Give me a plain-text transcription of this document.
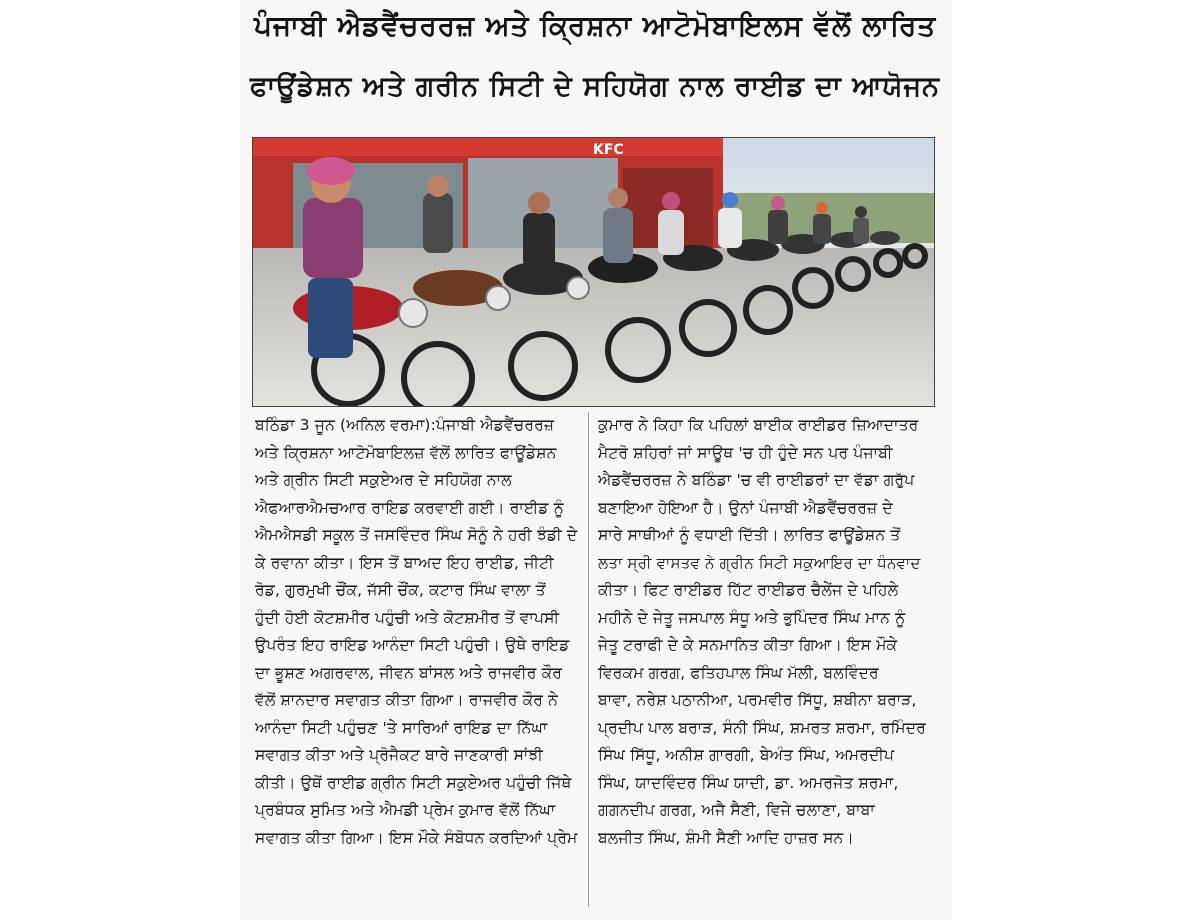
ਪੰਜਾਬੀ ਐਡਵੈਂਚਰਰਜ਼ ਅਤੇ ਕ੍ਰਿਸ਼ਨਾ ਆਟੋਮੋਬਾਇਲਸ ਵੱਲੋਂ ਲਾਰਿਤ
ਫਾਊਂਡੇਸ਼ਨ ਅਤੇ ਗਰੀਨ ਸਿਟੀ ਦੇ ਸਹਿਯੋਗ ਨਾਲ ਰਾਈਡ ਦਾ ਆਯੋਜਨ
KFC
ਬਠਿੰਡਾ 3 ਜੂਨ (ਅਨਿਲ ਵਰਮਾ):ਪੰਜਾਬੀ ਐਡਵੈਂਚਰਰਜ਼
ਅਤੇ ਕ੍ਰਿਸ਼ਨਾ ਆਟੋਮੋਬਾਇਲਜ਼ ਵੱਲੋਂ ਲਾਰਿਤ ਫਾਊਂਡੇਸ਼ਨ
ਅਤੇ ਗ੍ਰੀਨ ਸਿਟੀ ਸਕੁਏਅਰ ਦੇ ਸਹਿਯੋਗ ਨਾਲ
ਐਫਆਰਐਮਚਆਰ ਰਾਇਡ ਕਰਵਾਈ ਗਈ। ਰਾਈਡ ਨੂੰ
ਐਮਐਸਡੀ ਸਕੂਲ ਤੋਂ ਜਸਵਿੰਦਰ ਸਿੰਘ ਸੋਨੂੰ ਨੇ ਹਰੀ ਝੰਡੀ ਦੇ
ਕੇ ਰਵਾਨਾ ਕੀਤਾ। ਇਸ ਤੋਂ ਬਾਅਦ ਇਹ ਰਾਈਡ, ਜੀਟੀ
ਰੋਡ, ਗੁਰਮੁਖੀ ਚੌਂਕ, ਜੱਸੀ ਚੌਂਕ, ਕਟਾਰ ਸਿੰਘ ਵਾਲਾ ਤੋਂ
ਹੁੰਦੀ ਹੋਈ ਕੋਟਸ਼ਮੀਰ ਪਹੁੰਚੀ ਅਤੇ ਕੋਟਸ਼ਮੀਰ ਤੋਂ ਵਾਪਸੀ
ਉਪਰੰਤ ਇਹ ਰਾਇਡ ਆਨੰਦਾ ਸਿਟੀ ਪਹੁੰਚੀ। ਉਥੇ ਰਾਇਡ
ਦਾ ਭੂਸ਼ਣ ਅਗਰਵਾਲ, ਜੀਵਨ ਬਾਂਸਲ ਅਤੇ ਰਾਜਵੀਰ ਕੌਰ
ਵੱਲੋਂ ਸ਼ਾਨਦਾਰ ਸਵਾਗਤ ਕੀਤਾ ਗਿਆ। ਰਾਜਵੀਰ ਕੌਰ ਨੇ
ਆਨੰਦਾ ਸਿਟੀ ਪਹੁੰਚਣ 'ਤੇ ਸਾਰਿਆਂ ਰਾਇਡ ਦਾ ਨਿੱਘਾ
ਸਵਾਗਤ ਕੀਤਾ ਅਤੇ ਪ੍ਰੋਜੈਕਟ ਬਾਰੇ ਜਾਣਕਾਰੀ ਸਾਂਝੀ
ਕੀਤੀ। ਉਥੋਂ ਰਾਈਡ ਗ੍ਰੀਨ ਸਿਟੀ ਸਕੁਏਅਰ ਪਹੁੰਚੀ ਜਿੱਥੇ
ਪ੍ਰਬੰਧਕ ਸੁਮਿਤ ਅਤੇ ਐਮਡੀ ਪ੍ਰੇਮ ਕੁਮਾਰ ਵੱਲੋਂ ਨਿੱਘਾ
ਸਵਾਗਤ ਕੀਤਾ ਗਿਆ। ਇਸ ਮੌਕੇ ਸੰਬੋਧਨ ਕਰਦਿਆਂ ਪ੍ਰੇਮ
ਕੁਮਾਰ ਨੇ ਕਿਹਾ ਕਿ ਪਹਿਲਾਂ ਬਾਈਕ ਰਾਈਡਰ ਜ਼ਿਆਦਾਤਰ
ਮੈਟਰੋ ਸ਼ਹਿਰਾਂ ਜਾਂ ਸਾਊਥ 'ਚ ਹੀ ਹੁੰਦੇ ਸਨ ਪਰ ਪੰਜਾਬੀ
ਐਡਵੈਂਚਰਰਜ਼ ਨੇ ਬਠਿੰਡਾ 'ਚ ਵੀ ਰਾਈਡਰਾਂ ਦਾ ਵੱਡਾ ਗਰੁੱਪ
ਬਣਾਇਆ ਹੋਇਆ ਹੈ। ਉਨਾਂ ਪੰਜਾਬੀ ਐਡਵੈਂਚਰਰਜ਼ ਦੇ
ਸਾਰੇ ਸਾਥੀਆਂ ਨੂੰ ਵਧਾਈ ਦਿੱਤੀ। ਲਾਰਿਤ ਫਾਊਂਡੇਸ਼ਨ ਤੋਂ
ਲਤਾ ਸ੍ਰੀ ਵਾਸਤਵ ਨੇ ਗ੍ਰੀਨ ਸਿਟੀ ਸਕੁਆਇਰ ਦਾ ਧੰਨਵਾਦ
ਕੀਤਾ। ਫਿਟ ਰਾਈਡਰ ਹਿੱਟ ਰਾਈਡਰ ਚੈਲੇਂਜ ਦੇ ਪਹਿਲੇ
ਮਹੀਨੇ ਦੇ ਜੇਤੂ ਜਸਪਾਲ ਸੰਧੂ ਅਤੇ ਭੁਪਿੰਦਰ ਸਿੰਘ ਮਾਨ ਨੂੰ
ਜੇਤੂ ਟਰਾਫੀ ਦੇ ਕੇ ਸਨਮਾਨਿਤ ਕੀਤਾ ਗਿਆ। ਇਸ ਮੌਕੇ
ਵਿਰਕਮ ਗਰਗ, ਫਤਿਹਪਾਲ ਸਿੰਘ ਮੱਲੀ, ਬਲਵਿੰਦਰ
ਬਾਵਾ, ਨਰੇਸ਼ ਪਠਾਨੀਆ, ਪਰਮਵੀਰ ਸਿੱਧੂ, ਸ਼ਬੀਨਾ ਬਰਾੜ,
ਪ੍ਰਦੀਪ ਪਾਲ ਬਰਾੜ, ਸੰਨੀ ਸਿੰਘ, ਸ਼ਮਰਤ ਸ਼ਰਮਾ, ਰਮਿੰਦਰ
ਸਿੰਘ ਸਿੱਧੂ, ਅਨੀਸ਼ ਗਾਰਗੀ, ਬੇਅੰਤ ਸਿੰਘ, ਅਮਰਦੀਪ
ਸਿੰਘ, ਯਾਦਵਿੰਦਰ ਸਿੰਘ ਯਾਦੀ, ਡਾ. ਅਮਰਜੋਤ ਸ਼ਰਮਾ,
ਗਗਨਦੀਪ ਗਰਗ, ਅਜੈ ਸੈਣੀ, ਵਿਜੇ ਚਲਾਣਾ, ਬਾਬਾ
ਬਲਜੀਤ ਸਿੰਘ, ਸ਼ੰਮੀ ਸੈਣੀ ਆਦਿ ਹਾਜ਼ਰ ਸਨ।
